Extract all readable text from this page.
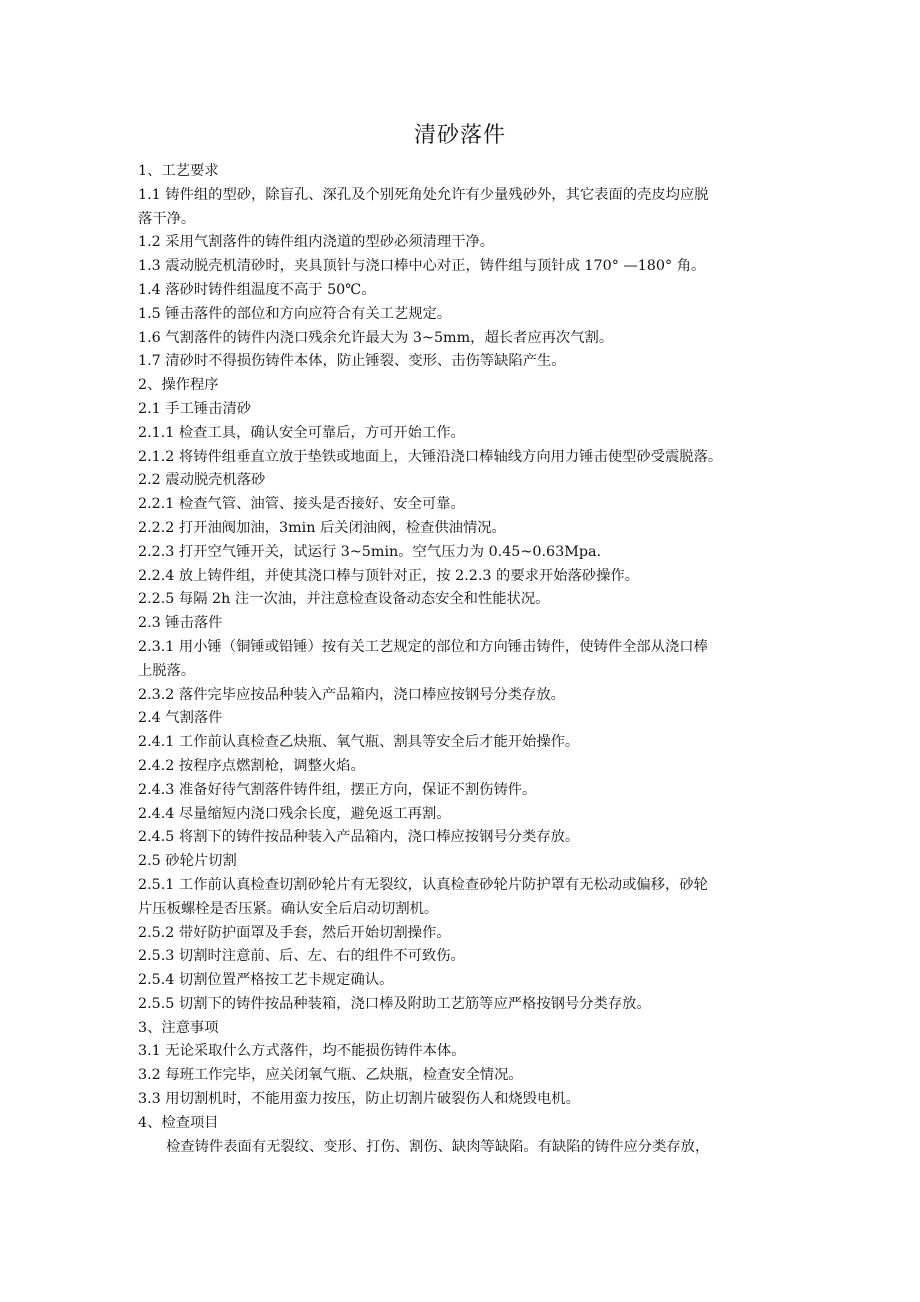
清砂落件
1、工艺要求
1.1 铸件组的型砂，除盲孔、深孔及个别死角处允许有少量残砂外，其它表面的壳皮均应脱
落干净。
1.2 采用气割落件的铸件组内浇道的型砂必须清理干净。
1.3 震动脱壳机清砂时，夹具顶针与浇口棒中心对正，铸件组与顶针成 170° —180° 角。
1.4 落砂时铸件组温度不高于 50℃。
1.5 锤击落件的部位和方向应符合有关工艺规定。
1.6 气割落件的铸件内浇口残余允许最大为 3~5mm，超长者应再次气割。
1.7 清砂时不得损伤铸件本体，防止锤裂、变形、击伤等缺陷产生。
2、操作程序
2.1 手工锤击清砂
2.1.1 检查工具，确认安全可靠后，方可开始工作。
2.1.2 将铸件组垂直立放于垫铁或地面上，大锤沿浇口棒轴线方向用力锤击使型砂受震脱落。
2.2 震动脱壳机落砂
2.2.1 检查气管、油管、接头是否接好、安全可靠。
2.2.2 打开油阀加油，3min 后关闭油阀，检查供油情况。
2.2.3 打开空气锤开关，试运行 3~5min。空气压力为 0.45~0.63Mpa.
2.2.4 放上铸件组，并使其浇口棒与顶针对正，按 2.2.3 的要求开始落砂操作。
2.2.5 每隔 2h 注一次油，并注意检查设备动态安全和性能状况。
2.3 锤击落件
2.3.1 用小锤（铜锤或铅锤）按有关工艺规定的部位和方向锤击铸件，使铸件全部从浇口棒
上脱落。
2.3.2 落件完毕应按品种装入产品箱内，浇口棒应按钢号分类存放。
2.4 气割落件
2.4.1 工作前认真检查乙炔瓶、氧气瓶、割具等安全后才能开始操作。
2.4.2 按程序点燃割枪，调整火焰。
2.4.3 准备好待气割落件铸件组，摆正方向，保证不割伤铸件。
2.4.4 尽量缩短内浇口残余长度，避免返工再割。
2.4.5 将割下的铸件按品种装入产品箱内，浇口棒应按钢号分类存放。
2.5 砂轮片切割
2.5.1 工作前认真检查切割砂轮片有无裂纹，认真检查砂轮片防护罩有无松动或偏移，砂轮
片压板螺栓是否压紧。确认安全后启动切割机。
2.5.2 带好防护面罩及手套，然后开始切割操作。
2.5.3 切割时注意前、后、左、右的组件不可致伤。
2.5.4 切割位置严格按工艺卡规定确认。
2.5.5 切割下的铸件按品种装箱，浇口棒及附助工艺筋等应严格按钢号分类存放。
3、注意事项
3.1 无论采取什么方式落件，均不能损伤铸件本体。
3.2 每班工作完毕，应关闭氧气瓶、乙炔瓶，检查安全情况。
3.3 用切割机时，不能用蛮力按压，防止切割片破裂伤人和烧毁电机。
4、检查项目
检查铸件表面有无裂纹、变形、打伤、割伤、缺肉等缺陷。有缺陷的铸件应分类存放，
